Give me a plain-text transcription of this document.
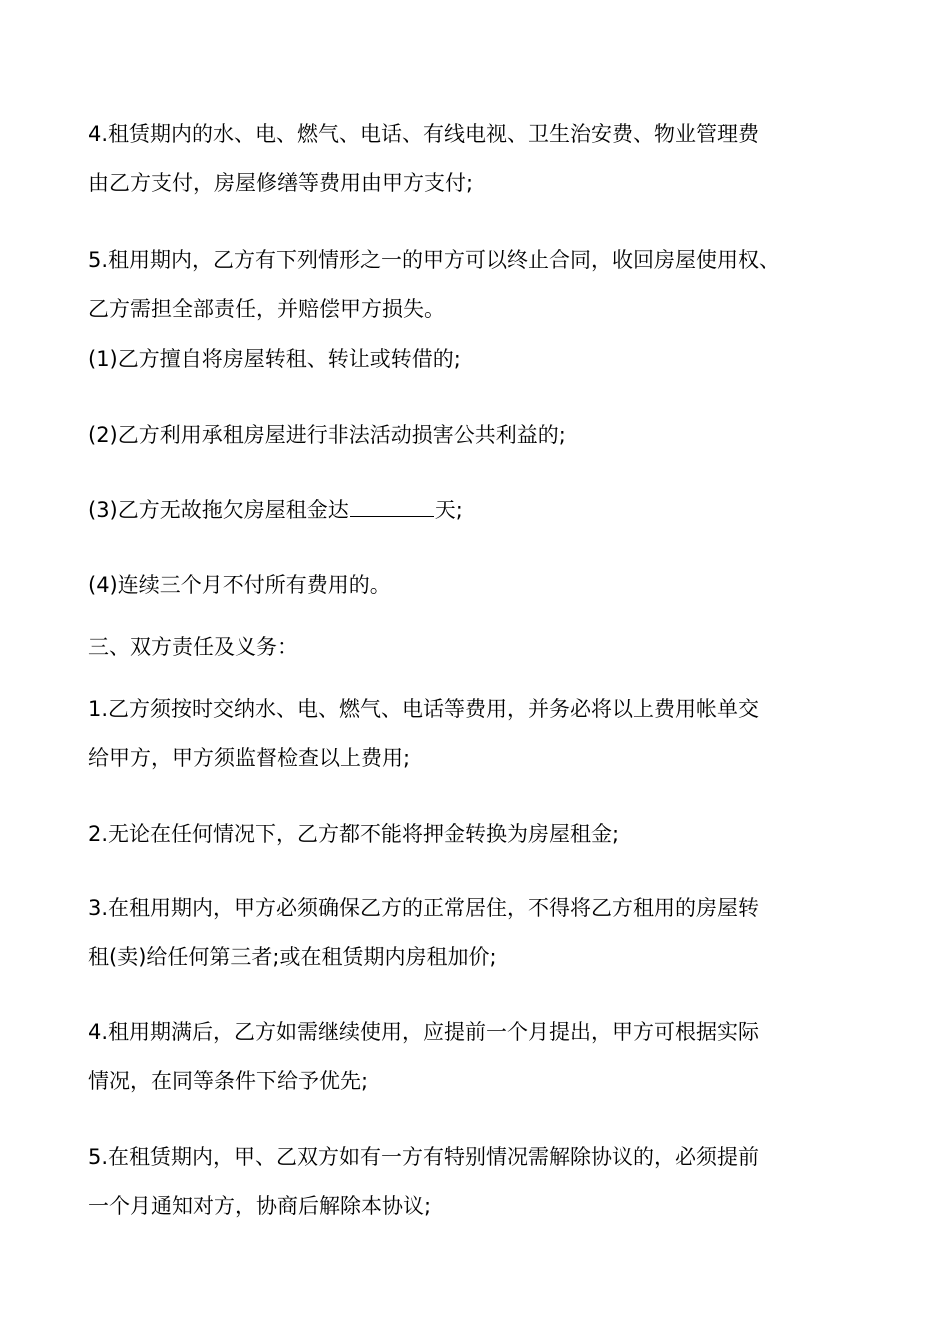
4.租赁期内的水、电、燃气、电话、有线电视、卫生治安费、物业管理费
由乙方支付，房屋修缮等费用由甲方支付;

5.租用期内，乙方有下列情形之一的甲方可以终止合同，收回房屋使用权、
乙方需担全部责任，并赔偿甲方损失。

(1)乙方擅自将房屋转租、转让或转借的;

(2)乙方利用承租房屋进行非法活动损害公共利益的;

(3)乙方无故拖欠房屋租金达	天;

(4)连续三个月不付所有费用的。

三、双方责任及义务：

1.乙方须按时交纳水、电、燃气、电话等费用，并务必将以上费用帐单交
给甲方，甲方须监督检查以上费用;

2.无论在任何情况下，乙方都不能将押金转换为房屋租金;

3.在租用期内，甲方必须确保乙方的正常居住，不得将乙方租用的房屋转
租(卖)给任何第三者;或在租赁期内房租加价;

4.租用期满后，乙方如需继续使用，应提前一个月提出，甲方可根据实际
情况，在同等条件下给予优先;

5.在租赁期内，甲、乙双方如有一方有特别情况需解除协议的，必须提前
一个月通知对方，协商后解除本协议;
